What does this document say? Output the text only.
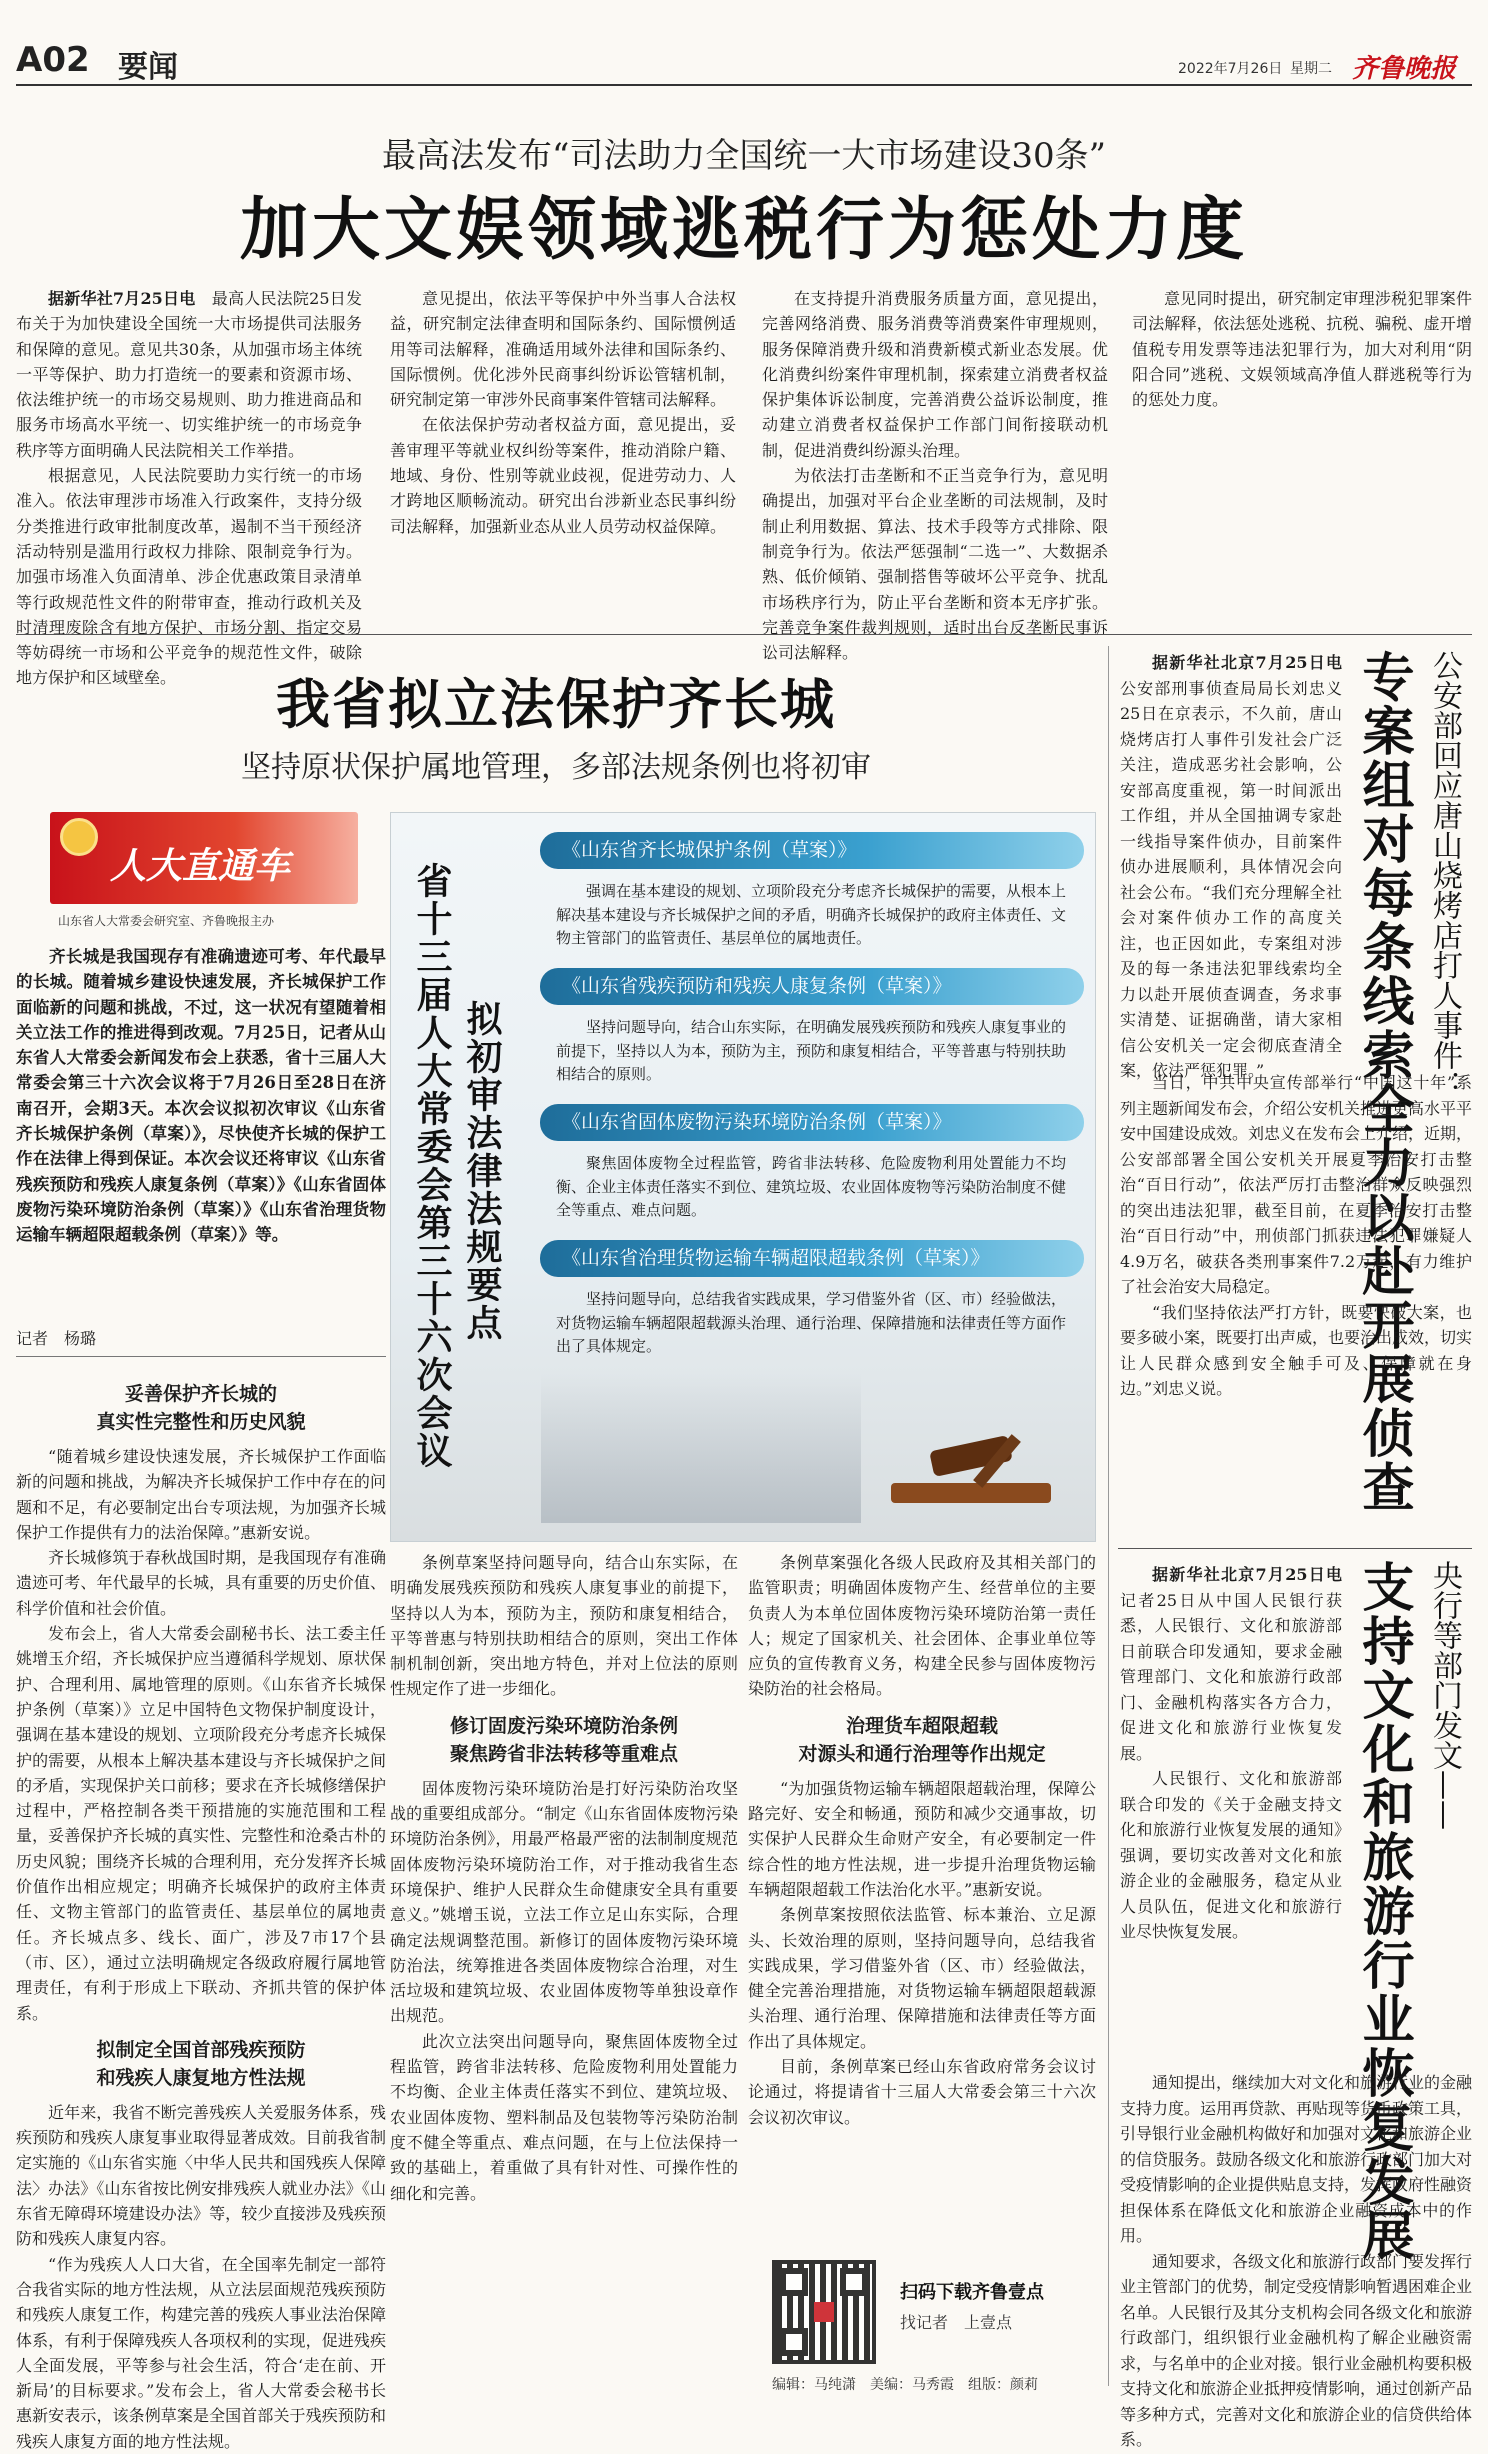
A02 要闻	2022年7月26日 星期二 齐鲁晚报
最高法发布“司法助力全国统一大市场建设30条”
加大文娱领域逃税行为惩处力度

据新华社7月25日电　 最高人民法院25日发布关于为加快建设全国统一大市场提供司法服务和保障的意见。意见共30条，从加强市场主体统一平等保护、助力打造统一的要素和资源市场、依法维护统一的市场交易规则、助力推进商品和服务市场高水平统一、切实维护统一的市场竞争秩序等方面明确人民法院相关工作举措。

根据意见，人民法院要助力实行统一的市场准入。依法审理涉市场准入行政案件，支持分级分类推进行政审批制度改革，遏制不当干预经济活动特别是滥用行政权力排除、限制竞争行为。加强市场准入负面清单、涉企优惠政策目录清单等行政规范性文件的附带审查，推动行政机关及时清理废除含有地方保护、市场分割、指定交易等妨碍统一市场和公平竞争的规范性文件，破除地方保护和区域壁垒。

意见提出，依法平等保护中外当事人合法权益，研究制定法律查明和国际条约、国际惯例适用等司法解释，准确适用域外法律和国际条约、国际惯例。优化涉外民商事纠纷诉讼管辖机制，研究制定第一审涉外民商事案件管辖司法解释。

在依法保护劳动者权益方面，意见提出，妥善审理平等就业权纠纷等案件，推动消除户籍、地域、身份、性别等就业歧视，促进劳动力、人才跨地区顺畅流动。研究出台涉新业态民事纠纷司法解释，加强新业态从业人员劳动权益保障。

在支持提升消费服务质量方面，意见提出，完善网络消费、服务消费等消费案件审理规则，服务保障消费升级和消费新模式新业态发展。优化消费纠纷案件审理机制，探索建立消费者权益保护集体诉讼制度，完善消费公益诉讼制度，推动建立消费者权益保护工作部门间衔接联动机制，促进消费纠纷源头治理。

为依法打击垄断和不正当竞争行为，意见明确提出，加强对平台企业垄断的司法规制，及时制止利用数据、算法、技术手段等方式排除、限制竞争行为。依法严惩强制“二选一”、大数据杀熟、低价倾销、强制搭售等破坏公平竞争、扰乱市场秩序行为，防止平台垄断和资本无序扩张。完善竞争案件裁判规则，适时出台反垄断民事诉讼司法解释。

意见同时提出，研究制定审理涉税犯罪案件司法解释，依法惩处逃税、抗税、骗税、虚开增值税专用发票等违法犯罪行为，加大对利用“阴阳合同”逃税、文娱领域高净值人群逃税等行为的惩处力度。

我省拟立法保护齐长城
坚持原状保护属地管理，多部法规条例也将初审
人大直通车
山东省人大常委会研究室、齐鲁晚报主办

齐长城是我国现存有准确遗迹可考、年代最早的长城。随着城乡建设快速发展，齐长城保护工作面临新的问题和挑战，不过，这一状况有望随着相关立法工作的推进得到改观。7月25日，记者从山东省人大常委会新闻发布会上获悉，省十三届人大常委会第三十六次会议将于7月26日至28日在济南召开，会期3天。本次会议拟初次审议《山东省齐长城保护条例（草案）》，尽快使齐长城的保护工作在法律上得到保证。本次会议还将审议《山东省残疾预防和残疾人康复条例（草案）》《山东省固体废物污染环境防治条例（草案）》《山东省治理货物运输车辆超限超载条例（草案）》等。

记者　杨璐	省十三届人大常委会第三十六次会议 拟初审法律法规要点
《山东省齐长城保护条例（草案）》
强调在基本建设的规划、立项阶段充分考虑齐长城保护的需要，从根本上解决基本建设与齐长城保护之间的矛盾，明确齐长城保护的政府主体责任、文物主管部门的监管责任、基层单位的属地责任。
《山东省残疾预防和残疾人康复条例（草案）》
坚持问题导向，结合山东实际，在明确发展残疾预防和残疾人康复事业的前提下，坚持以人为本，预防为主，预防和康复相结合，平等普惠与特别扶助相结合的原则。
《山东省固体废物污染环境防治条例（草案）》
聚焦固体废物全过程监管，跨省非法转移、危险废物利用处置能力不均衡、企业主体责任落实不到位、建筑垃圾、农业固体废物等污染防治制度不健全等重点、难点问题。
《山东省治理货物运输车辆超限超载条例（草案）》
坚持问题导向，总结我省实践成果，学习借鉴外省（区、市）经验做法，对货物运输车辆超限超载源头治理、通行治理、保障措施和法律责任等方面作出了具体规定。
妥善保护齐长城的
真实性完整性和历史风貌

“随着城乡建设快速发展，齐长城保护工作面临新的问题和挑战，为解决齐长城保护工作中存在的问题和不足，有必要制定出台专项法规，为加强齐长城保护工作提供有力的法治保障。”惠新安说。

齐长城修筑于春秋战国时期，是我国现存有准确遗迹可考、年代最早的长城，具有重要的历史价值、科学价值和社会价值。

发布会上，省人大常委会副秘书长、法工委主任姚增玉介绍，齐长城保护应当遵循科学规划、原状保护、合理利用、属地管理的原则。《山东省齐长城保护条例（草案）》立足中国特色文物保护制度设计，强调在基本建设的规划、立项阶段充分考虑齐长城保护的需要，从根本上解决基本建设与齐长城保护之间的矛盾，实现保护关口前移；要求在齐长城修缮保护过程中，严格控制各类干预措施的实施范围和工程量，妥善保护齐长城的真实性、完整性和沧桑古朴的历史风貌；围绕齐长城的合理利用，充分发挥齐长城价值作出相应规定；明确齐长城保护的政府主体责任、文物主管部门的监管责任、基层单位的属地责任。齐长城点多、线长、面广，涉及7市17个县（市、区），通过立法明确规定各级政府履行属地管理责任，有利于形成上下联动、齐抓共管的保护体系。

拟制定全国首部残疾预防
和残疾人康复地方性法规

近年来，我省不断完善残疾人关爱服务体系，残疾预防和残疾人康复事业取得显著成效。目前我省制定实施的《山东省实施〈中华人民共和国残疾人保障法〉办法》《山东省按比例安排残疾人就业办法》《山东省无障碍环境建设办法》等，较少直接涉及残疾预防和残疾人康复内容。

“作为残疾人人口大省，在全国率先制定一部符合我省实际的地方性法规，从立法层面规范残疾预防和残疾人康复工作，构建完善的残疾人事业法治保障体系，有利于保障残疾人各项权利的实现，促进残疾人全面发展，平等参与社会生活，符合‘走在前、开新局’的目标要求。”发布会上，省人大常委会秘书长惠新安表示，该条例草案是全国首部关于残疾预防和残疾人康复方面的地方性法规。

条例草案坚持问题导向，结合山东实际，在明确发展残疾预防和残疾人康复事业的前提下，坚持以人为本，预防为主，预防和康复相结合，平等普惠与特别扶助相结合的原则，突出工作体制机制创新，突出地方特色，并对上位法的原则性规定作了进一步细化。

修订固废污染环境防治条例
聚焦跨省非法转移等重难点

固体废物污染环境防治是打好污染防治攻坚战的重要组成部分。“制定《山东省固体废物污染环境防治条例》，用最严格最严密的法制制度规范固体废物污染环境防治工作，对于推动我省生态环境保护、维护人民群众生命健康安全具有重要意义。”姚增玉说，立法工作立足山东实际，合理确定法规调整范围。新修订的固体废物污染环境防治法，统筹推进各类固体废物综合治理，对生活垃圾和建筑垃圾、农业固体废物等单独设章作出规范。

此次立法突出问题导向，聚焦固体废物全过程监管，跨省非法转移、危险废物利用处置能力不均衡、企业主体责任落实不到位、建筑垃圾、农业固体废物、塑料制品及包装物等污染防治制度不健全等重点、难点问题，在与上位法保持一致的基础上，着重做了具有针对性、可操作性的细化和完善。

条例草案强化各级人民政府及其相关部门的监管职责；明确固体废物产生、经营单位的主要负责人为本单位固体废物污染环境防治第一责任人；规定了国家机关、社会团体、企事业单位等应负的宣传教育义务，构建全民参与固体废物污染防治的社会格局。

治理货车超限超载
对源头和通行治理等作出规定

“为加强货物运输车辆超限超载治理，保障公路完好、安全和畅通，预防和减少交通事故，切实保护人民群众生命财产安全，有必要制定一件综合性的地方性法规，进一步提升治理货物运输车辆超限超载工作法治化水平。”惠新安说。

条例草案按照依法监管、标本兼治、立足源头、长效治理的原则，坚持问题导向，总结我省实践成果，学习借鉴外省（区、市）经验做法，健全完善治理措施，对货物运输车辆超限超载源头治理、通行治理、保障措施和法律责任等方面作出了具体规定。

目前，条例草案已经山东省政府常务会议讨论通过，将提请省十三届人大常委会第三十六次会议初次审议。

扫码下载齐鲁壹点
找记者　上壹点
编辑：马纯潇　美编：马秀霞　组版：颜莉
公安部回应唐山烧烤店打人事件：
专案组对每条线索全力以赴开展侦查

据新华社北京7月25日电　公安部刑事侦查局局长刘忠义25日在京表示，不久前，唐山烧烤店打人事件引发社会广泛关注，造成恶劣社会影响，公安部高度重视，第一时间派出工作组，并从全国抽调专家赴一线指导案件侦办，目前案件侦办进展顺利，具体情况会向社会公布。“我们充分理解全社会对案件侦办工作的高度关注，也正因如此，专案组对涉及的每一条违法犯罪线索均全力以赴开展侦查调查，务求事实清楚、证据确凿，请大家相信公安机关一定会彻底查清全案，依法严惩犯罪。”

当日，中共中央宣传部举行“中国这十年”系列主题新闻发布会，介绍公安机关推进更高水平平安中国建设成效。刘忠义在发布会上介绍，近期，公安部部署全国公安机关开展夏季治安打击整治“百日行动”，依法严厉打击整治群众反映强烈的突出违法犯罪，截至目前，在夏季治安打击整治“百日行动”中，刑侦部门抓获违法犯罪嫌疑人4.9万名，破获各类刑事案件7.2万起，有力维护了社会治安大局稳定。

“我们坚持依法严打方针，既要快破大案，也要多破小案，既要打出声威，也要治出成效，切实让人民群众感到安全触手可及、保障就在身边。”刘忠义说。

央行等部门发文——
支持文化和旅游行业恢复发展

据新华社北京7月25日电　记者25日从中国人民银行获悉，人民银行、文化和旅游部日前联合印发通知，要求金融管理部门、文化和旅游行政部门、金融机构落实各方合力，促进文化和旅游行业恢复发展。

人民银行、文化和旅游部联合印发的《关于金融支持文化和旅游行业恢复发展的通知》强调，要切实改善对文化和旅游企业的金融服务，稳定从业人员队伍，促进文化和旅游行业尽快恢复发展。

通知提出，继续加大对文化和旅游行业的金融支持力度。运用再贷款、再贴现等货币政策工具，引导银行业金融机构做好和加强对文化和旅游企业的信贷服务。鼓励各级文化和旅游行政部门加大对受疫情影响的企业提供贴息支持，发挥政府性融资担保体系在降低文化和旅游企业融资成本中的作用。

通知要求，各级文化和旅游行政部门要发挥行业主管部门的优势，制定受疫情影响暂遇困难企业名单。人民银行及其分支机构会同各级文化和旅游行政部门，组织银行业金融机构了解企业融资需求，与名单中的企业对接。银行业金融机构要积极支持文化和旅游企业抵押疫情影响，通过创新产品等多种方式，完善对文化和旅游企业的信贷供给体系。
